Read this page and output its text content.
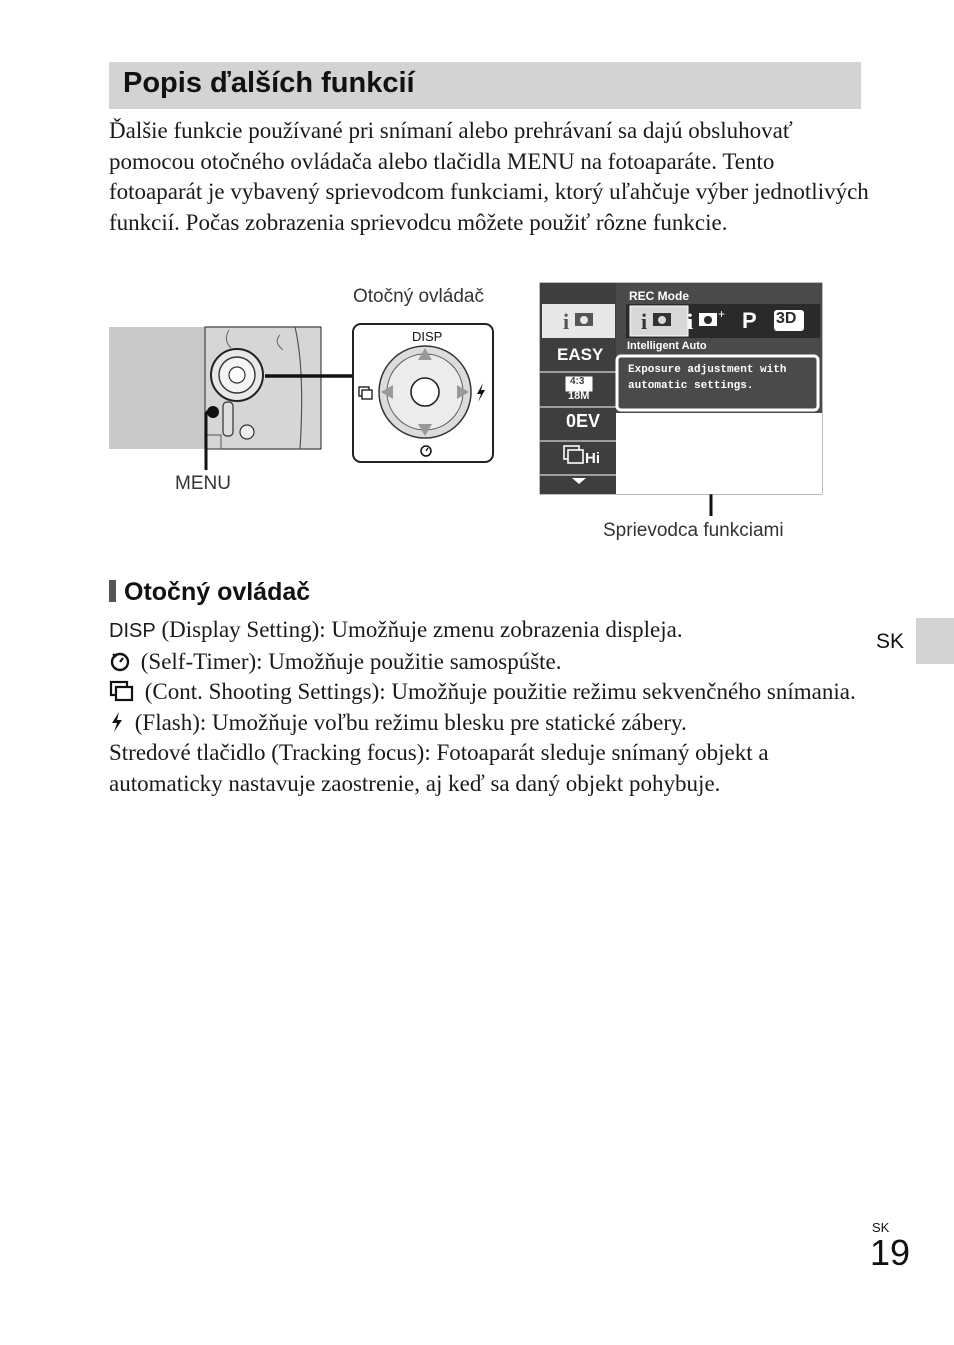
Popis ďalších funkcií

Ďalšie funkcie používané pri snímaní alebo prehrávaní sa dajú obsluhovať pomocou otočného ovládača alebo tlačidla MENU na fotoaparáte. Tento fotoaparát je vybavený sprievodcom funkciami, ktorý uľahčuje výber jednotlivých funkcií. Počas zobrazenia sprievodcu môžete použiť rôzne funkcie.

i	i i +
Otočný ovládač
MENU
Sprievodca funkciami
DISP
REC Mode
Intelligent Auto
P 3D
EASY
4:3
18M
0EV
Hi
Exposure adjustment with
automatic settings.
Otočný ovládač

DISP (Display Setting): Umožňuje zmenu zobrazenia displeja.

(Self-Timer): Umožňuje použitie samospúšte.

(Cont. Shooting Settings): Umožňuje použitie režimu sekvenčného snímania.

(Flash): Umožňuje voľbu režimu blesku pre statické zábery.

Stredové tlačidlo (Tracking focus): Fotoaparát sleduje snímaný objekt a automaticky nastavuje zaostrenie, aj keď sa daný objekt pohybuje.

SK
SK
19
